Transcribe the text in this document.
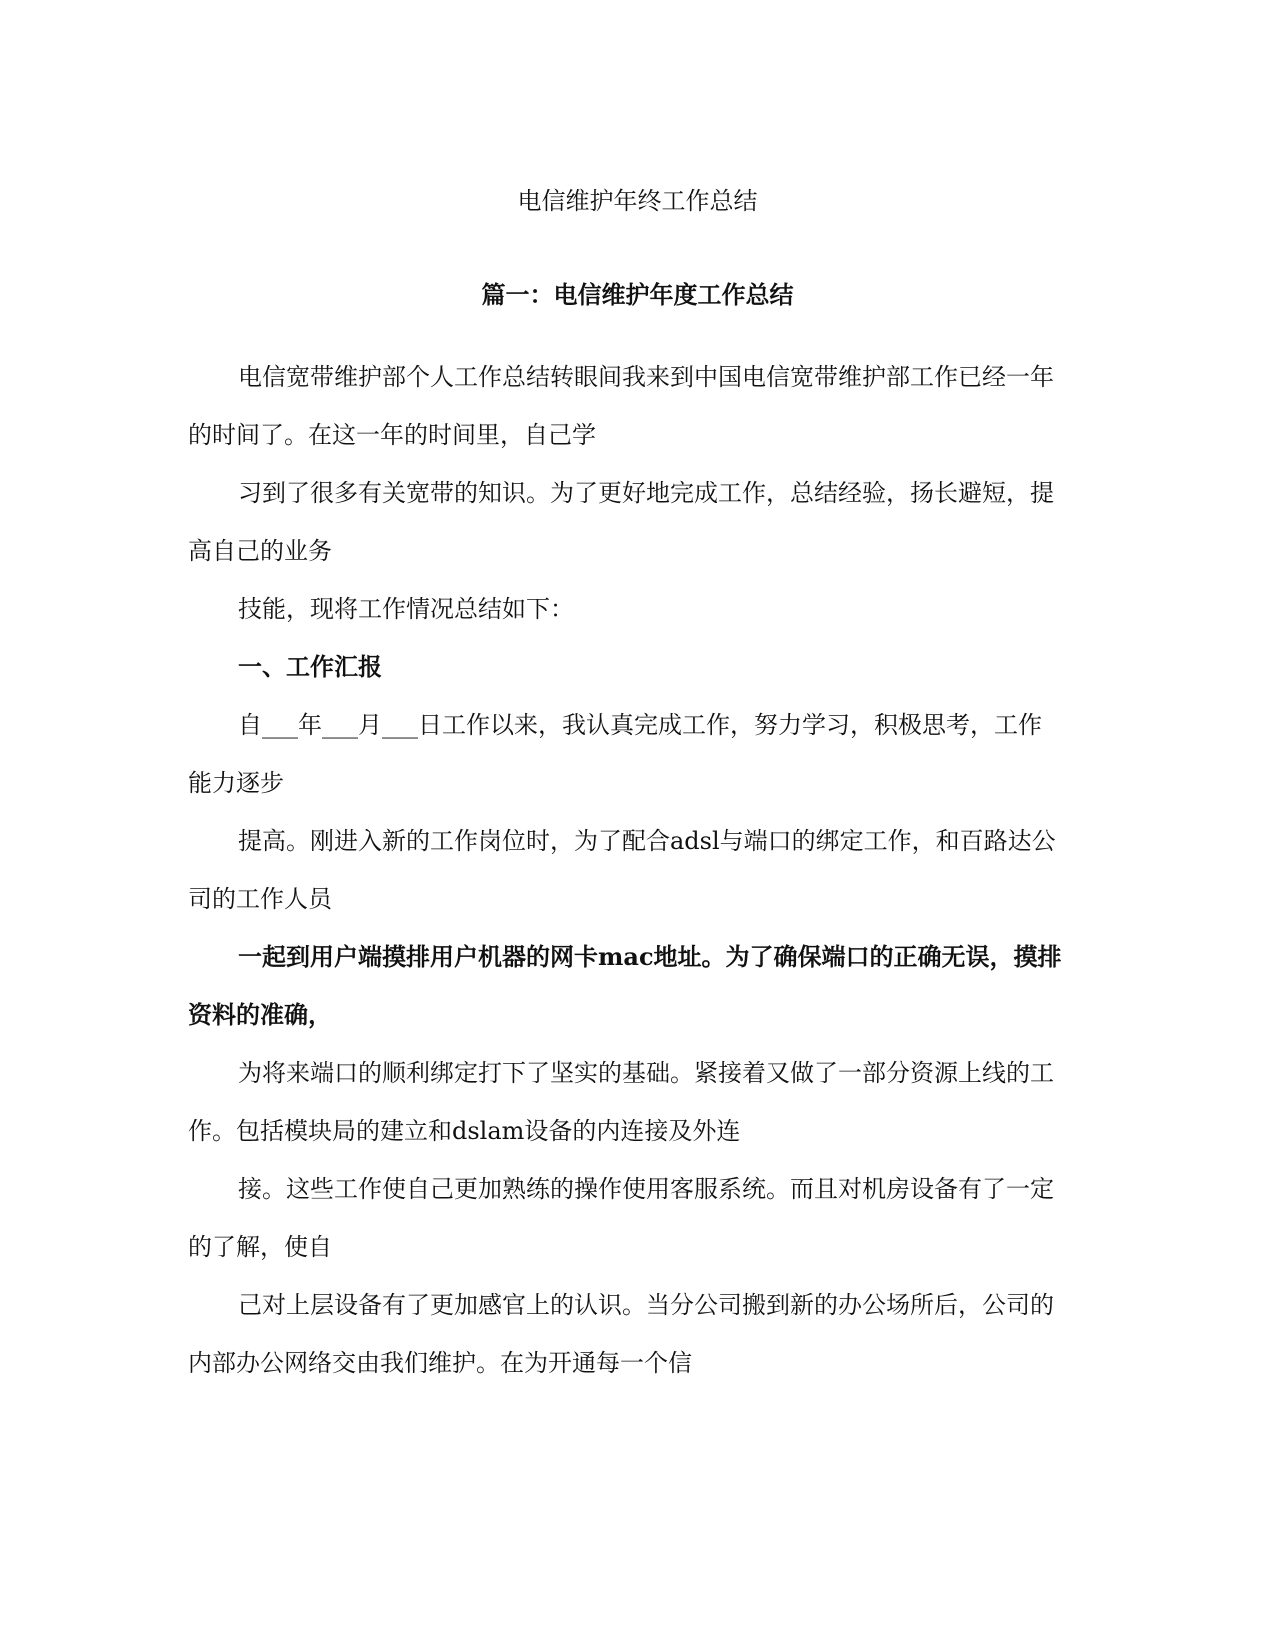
电信维护年终工作总结
篇一：电信维护年度工作总结

电信宽带维护部个人工作总结转眼间我来到中国电信宽带维护部工作已经一年
的时间了。在这一年的时间里，自己学

习到了很多有关宽带的知识。为了更好地完成工作，总结经验，扬长避短，提
高自己的业务

技能，现将工作情况总结如下：

一、工作汇报

自___年___月___日工作以来，我认真完成工作，努力学习，积极思考，工作
能力逐步

提高。刚进入新的工作岗位时，为了配合adsl与端口的绑定工作，和百路达公
司的工作人员

一起到用户端摸排用户机器的网卡mac地址。为了确保端口的正确无误，摸排
资料的准确，

为将来端口的顺利绑定打下了坚实的基础。紧接着又做了一部分资源上线的工
作。包括模块局的建立和dslam设备的内连接及外连

接。这些工作使自己更加熟练的操作使用客服系统。而且对机房设备有了一定
的了解，使自

己对上层设备有了更加感官上的认识。当分公司搬到新的办公场所后，公司的
内部办公网络交由我们维护。在为开通每一个信
